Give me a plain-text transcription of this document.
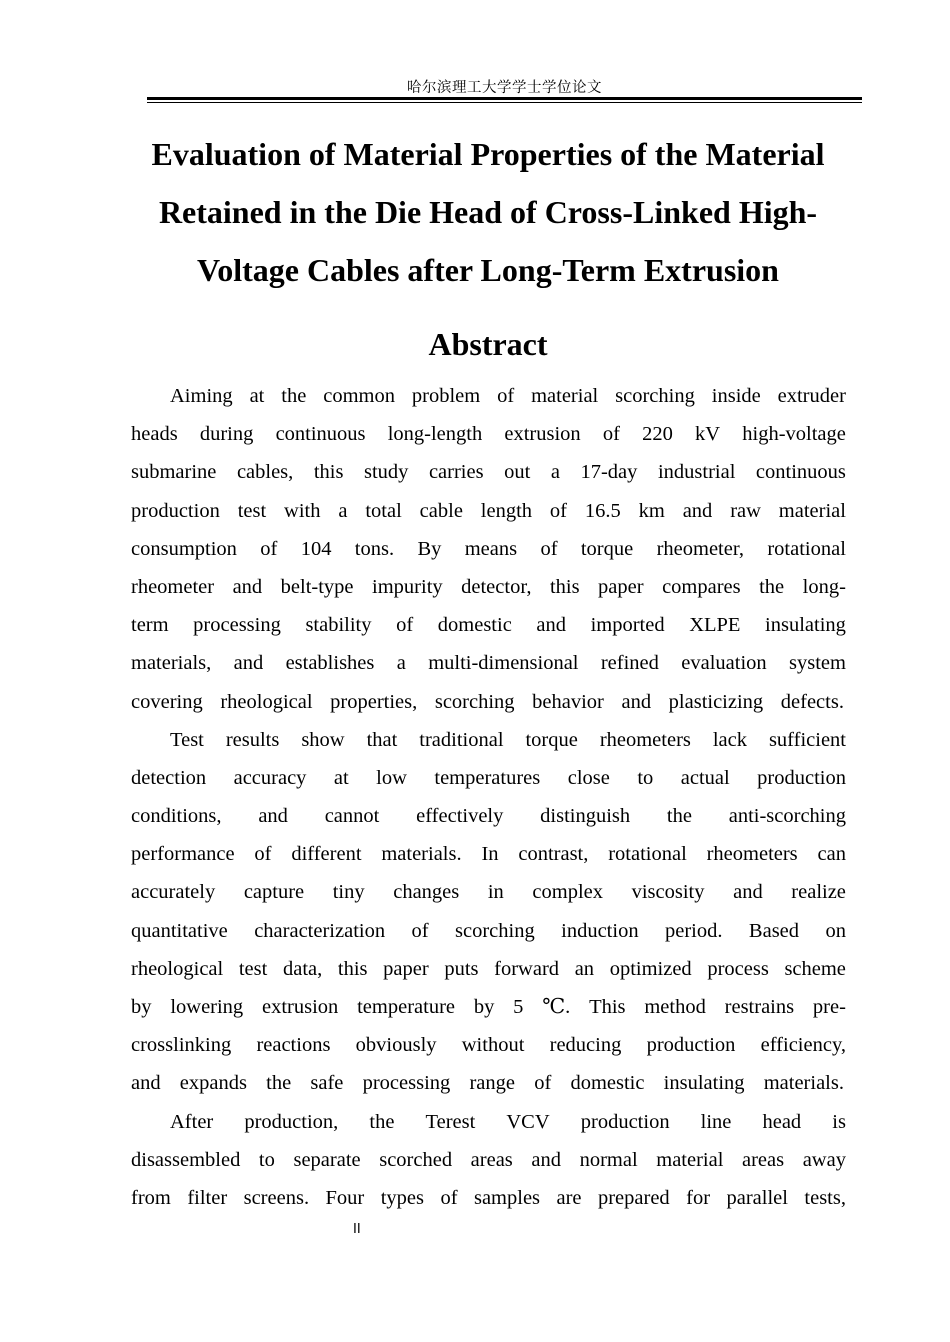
哈尔滨理工大学学士学位论文
Evaluation of Material Properties of the Material
Retained in the Die Head of Cross-Linked High-
Voltage Cables after Long-Term Extrusion
Abstract
Aiming at the common problem of material scorching inside extruder
heads during continuous long-length extrusion of 220 kV high-voltage
submarine cables, this study carries out a 17-day industrial continuous
production test with a total cable length of 16.5 km and raw material
consumption of 104 tons. By means of torque rheometer, rotational
rheometer and belt-type impurity detector, this paper compares the long-
term processing stability of domestic and imported XLPE insulating
materials, and establishes a multi-dimensional refined evaluation system
covering rheological properties, scorching behavior and plasticizing defects.
Test results show that traditional torque rheometers lack sufficient
detection accuracy at low temperatures close to actual production
conditions, and cannot effectively distinguish the anti-scorching
performance of different materials. In contrast, rotational rheometers can
accurately capture tiny changes in complex viscosity and realize
quantitative characterization of scorching induction period. Based on
rheological test data, this paper puts forward an optimized process scheme
by lowering extrusion temperature by 5 ℃. This method restrains pre-
crosslinking reactions obviously without reducing production efficiency,
and expands the safe processing range of domestic insulating materials.
After production, the Terest VCV production line head is
disassembled to separate scorched areas and normal material areas away
from filter screens. Four types of samples are prepared for parallel tests,
II
